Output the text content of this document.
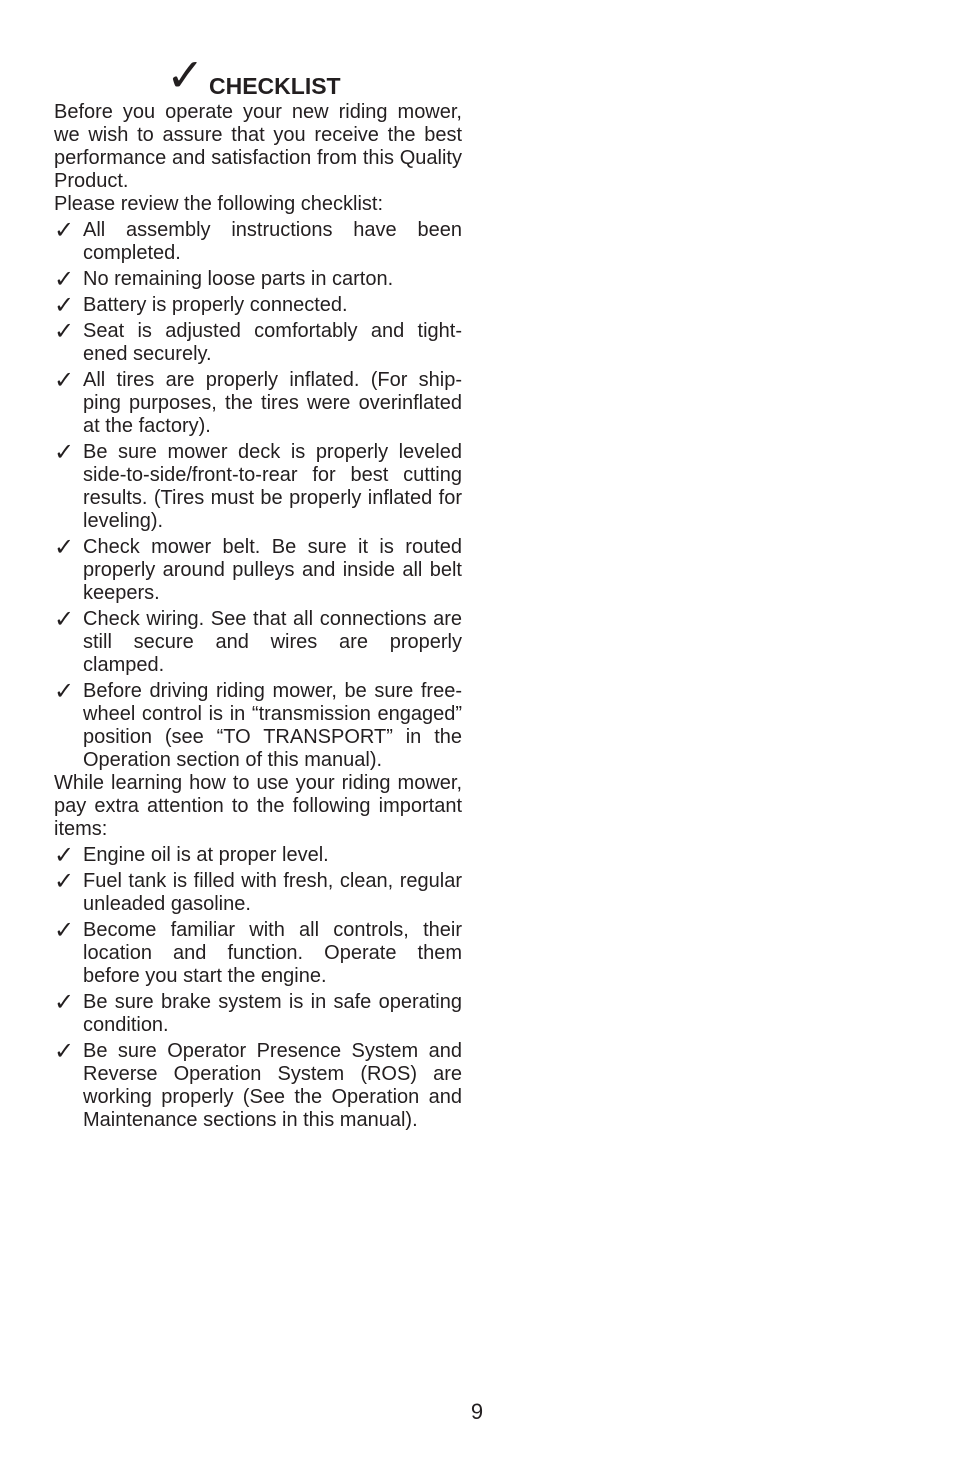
✓ CHECKLIST

Before you operate your new riding mower, we wish to assure that you receive the best performance and satisfaction from this Quality Product.

Please review the following checklist:

✓ All assembly instructions have been completed.
✓ No remaining loose parts in carton.
✓ Battery is properly connected.
✓ Seat is adjusted comfortably and tight-ened securely.
✓ All tires are properly inflated. (For ship-ping purposes, the tires were overinflated at the factory).
✓ Be sure mower deck is properly leveled side-to-side/front-to-rear for best cutting results. (Tires must be properly inflated for leveling).
✓ Check mower belt. Be sure it is routed properly around pulleys and inside all belt keepers.
✓ Check wiring. See that all connections are still secure and wires are properly clamped.
✓ Before driving riding mower, be sure free-wheel control is in “transmission engaged” position (see “TO TRANSPORT” in the Operation section of this manual).

While learning how to use your riding mower, pay extra attention to the following important items:

✓ Engine oil is at proper level.
✓ Fuel tank is filled with fresh, clean, regular unleaded gasoline.
✓ Become familiar with all controls, their location and function. Operate them before you start the engine.
✓ Be sure brake system is in safe operating condition.
✓ Be sure Operator Presence System and Reverse Operation System (ROS) are working properly (See the Operation and Maintenance sections in this manual).
9
